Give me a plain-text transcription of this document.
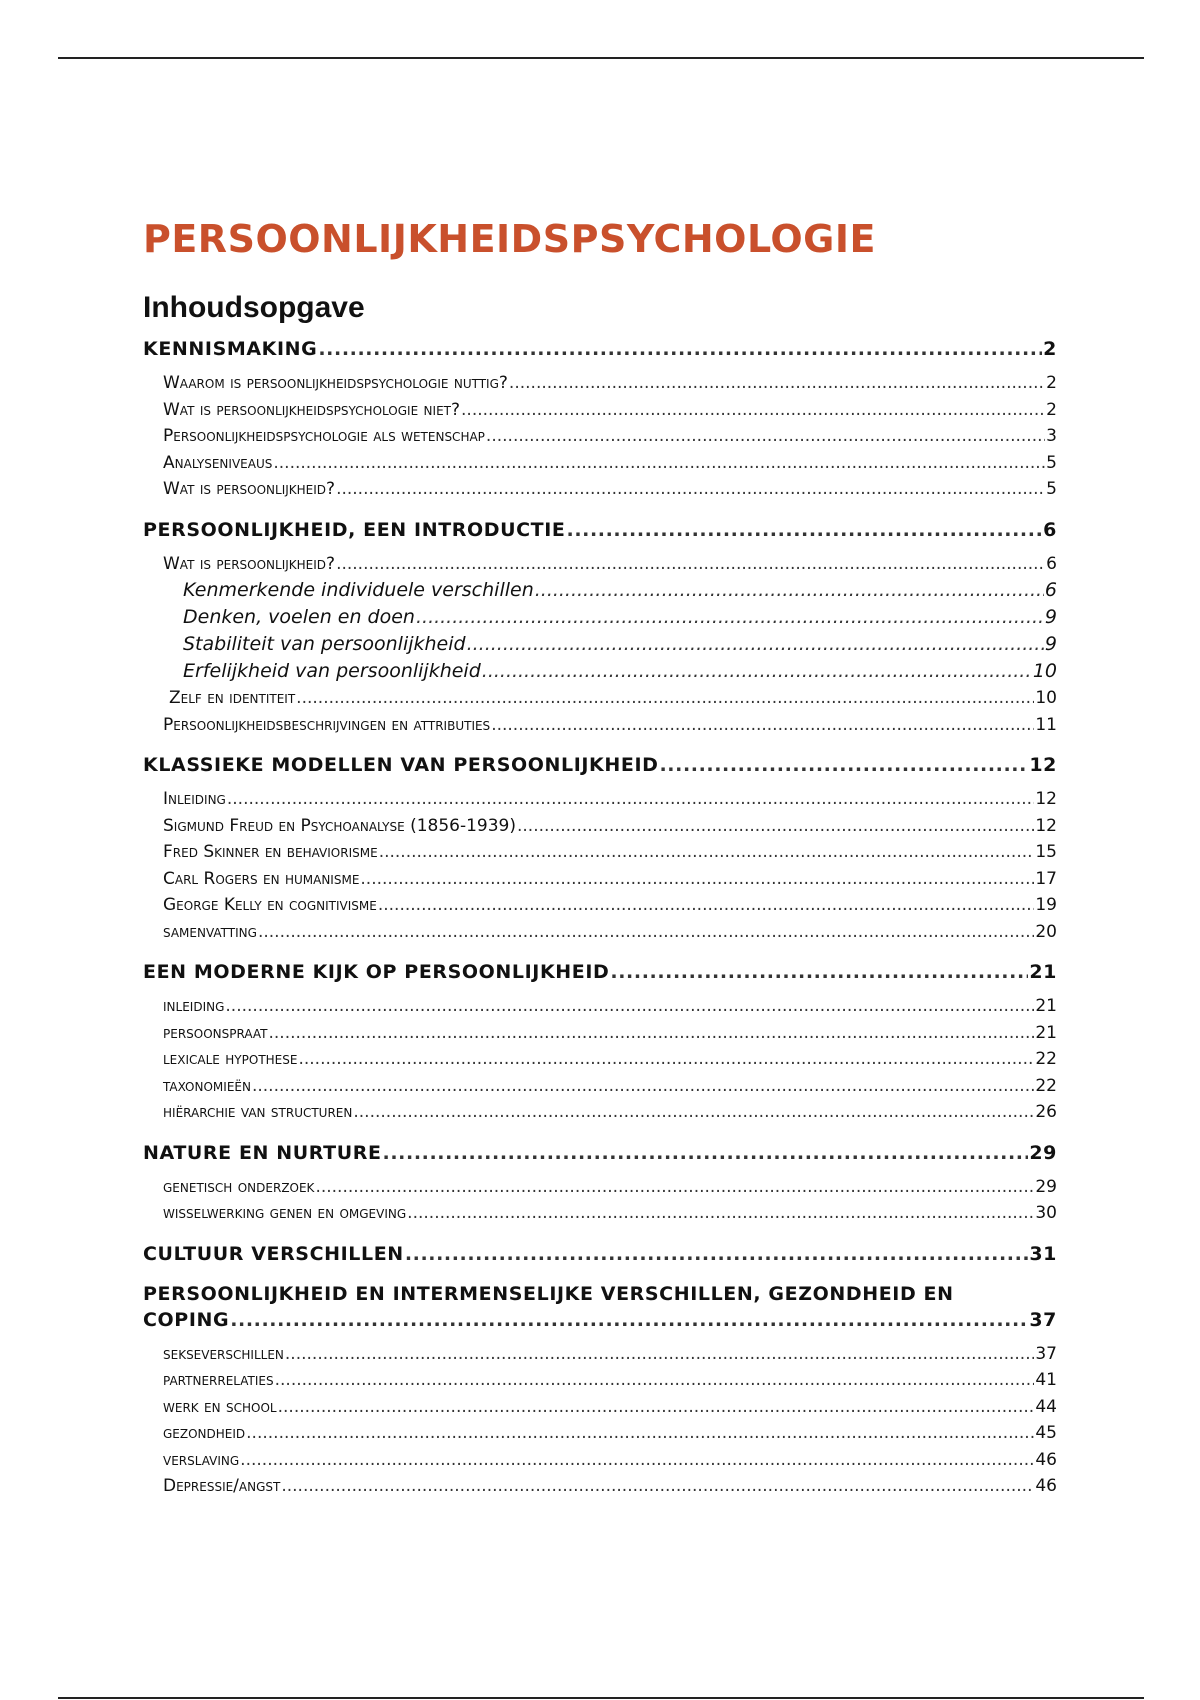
PERSOONLIJKHEIDSPSYCHOLOGIE
Inhoudsopgave
KENNISMAKING .....	2
Waarom is persoonlijkheidspsychologie nuttig? .....	2
Wat is persoonlijkheidspsychologie niet? .....	2
Persoonlijkheidspsychologie als wetenschap .....	3
Analyseniveaus .....	5
Wat is persoonlijkheid? .....	5
PERSOONLIJKHEID, EEN INTRODUCTIE .....	6
Wat is persoonlijkheid? .....	6
Kenmerkende individuele verschillen .....	6
Denken, voelen en doen .....	9
Stabiliteit van persoonlijkheid .....	9
Erfelijkheid van persoonlijkheid .....	10
Zelf en identiteit .....	10
Persoonlijkheidsbeschrijvingen en attributies .....	11
KLASSIEKE MODELLEN VAN PERSOONLIJKHEID .....	12
Inleiding .....	12
Sigmund Freud en Psychoanalyse (1856-1939) .....	12
Fred Skinner en behaviorisme .....	15
Carl Rogers en humanisme .....	17
George Kelly en cognitivisme .....	19
samenvatting .....	20
EEN MODERNE KIJK OP PERSOONLIJKHEID .....	21
inleiding .....	21
persoonspraat .....	21
lexicale hypothese .....	22
taxonomieën .....	22
hiërarchie van structuren .....	26
NATURE EN NURTURE .....	29
genetisch onderzoek .....	29
wisselwerking genen en omgeving .....	30
CULTUUR VERSCHILLEN .....	31
PERSOONLIJKHEID EN INTERMENSELIJKE VERSCHILLEN, GEZONDHEID EN
COPING .....	37
sekseverschillen .....	37
partnerrelaties .....	41
werk en school .....	44
gezondheid .....	45
verslaving .....	46
Depressie/angst .....	46
